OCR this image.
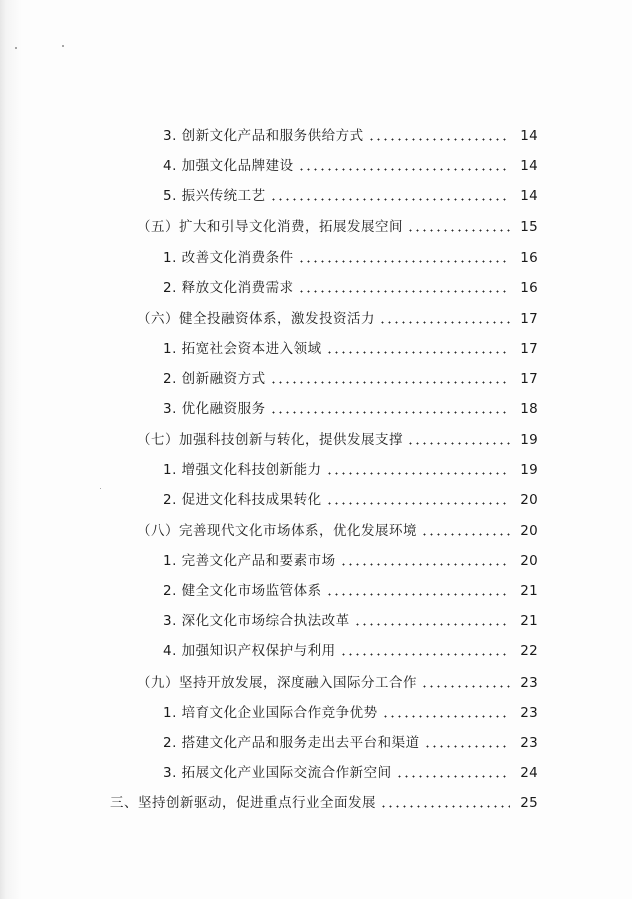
3. 创新文化产品和服务供给方式	14
4. 加强文化品牌建设	14
5. 振兴传统工艺	14
（五）扩大和引导文化消费，拓展发展空间	15
1. 改善文化消费条件	16
2. 释放文化消费需求	16
（六）健全投融资体系，激发投资活力	17
1. 拓宽社会资本进入领域	17
2. 创新融资方式	17
3. 优化融资服务	18
（七）加强科技创新与转化，提供发展支撑	19
1. 增强文化科技创新能力	19
2. 促进文化科技成果转化	20
（八）完善现代文化市场体系，优化发展环境	20
1. 完善文化产品和要素市场	20
2. 健全文化市场监管体系	21
3. 深化文化市场综合执法改革	21
4. 加强知识产权保护与利用	22
（九）坚持开放发展，深度融入国际分工合作	23
1. 培育文化企业国际合作竞争优势	23
2. 搭建文化产品和服务走出去平台和渠道	23
3. 拓展文化产业国际交流合作新空间	24
三、坚持创新驱动，促进重点行业全面发展	25
